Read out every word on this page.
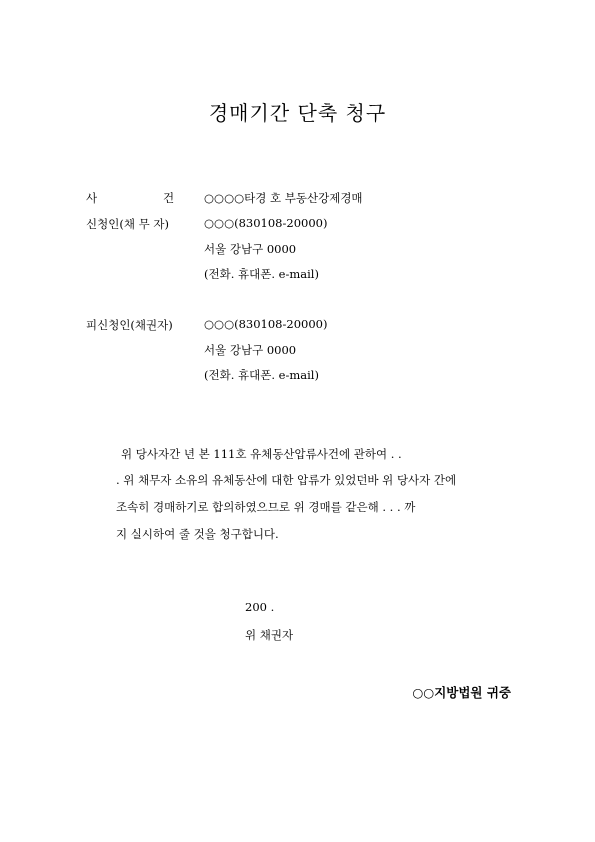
경매기간 단축 청구
사	건	○○○○타경 호 부동산강제경매
신청인(채 무 자)	○○○(830108-20000)
서울 강남구 0000
(전화. 휴대폰. e-mail)
피신청인(채권자)	○○○(830108-20000)
서울 강남구 0000
(전화. 휴대폰. e-mail)
위 당사자간 년 본 111호 유체동산압류사건에 관하여 . .
. 위 채무자 소유의 유체동산에 대한 압류가 있었던바 위 당사자 간에
조속히 경매하기로 합의하였으므로 위 경매를 같은해 . . . 까
지 실시하여 줄 것을 청구합니다.
200 .
위 채권자
○○지방법원 귀중
